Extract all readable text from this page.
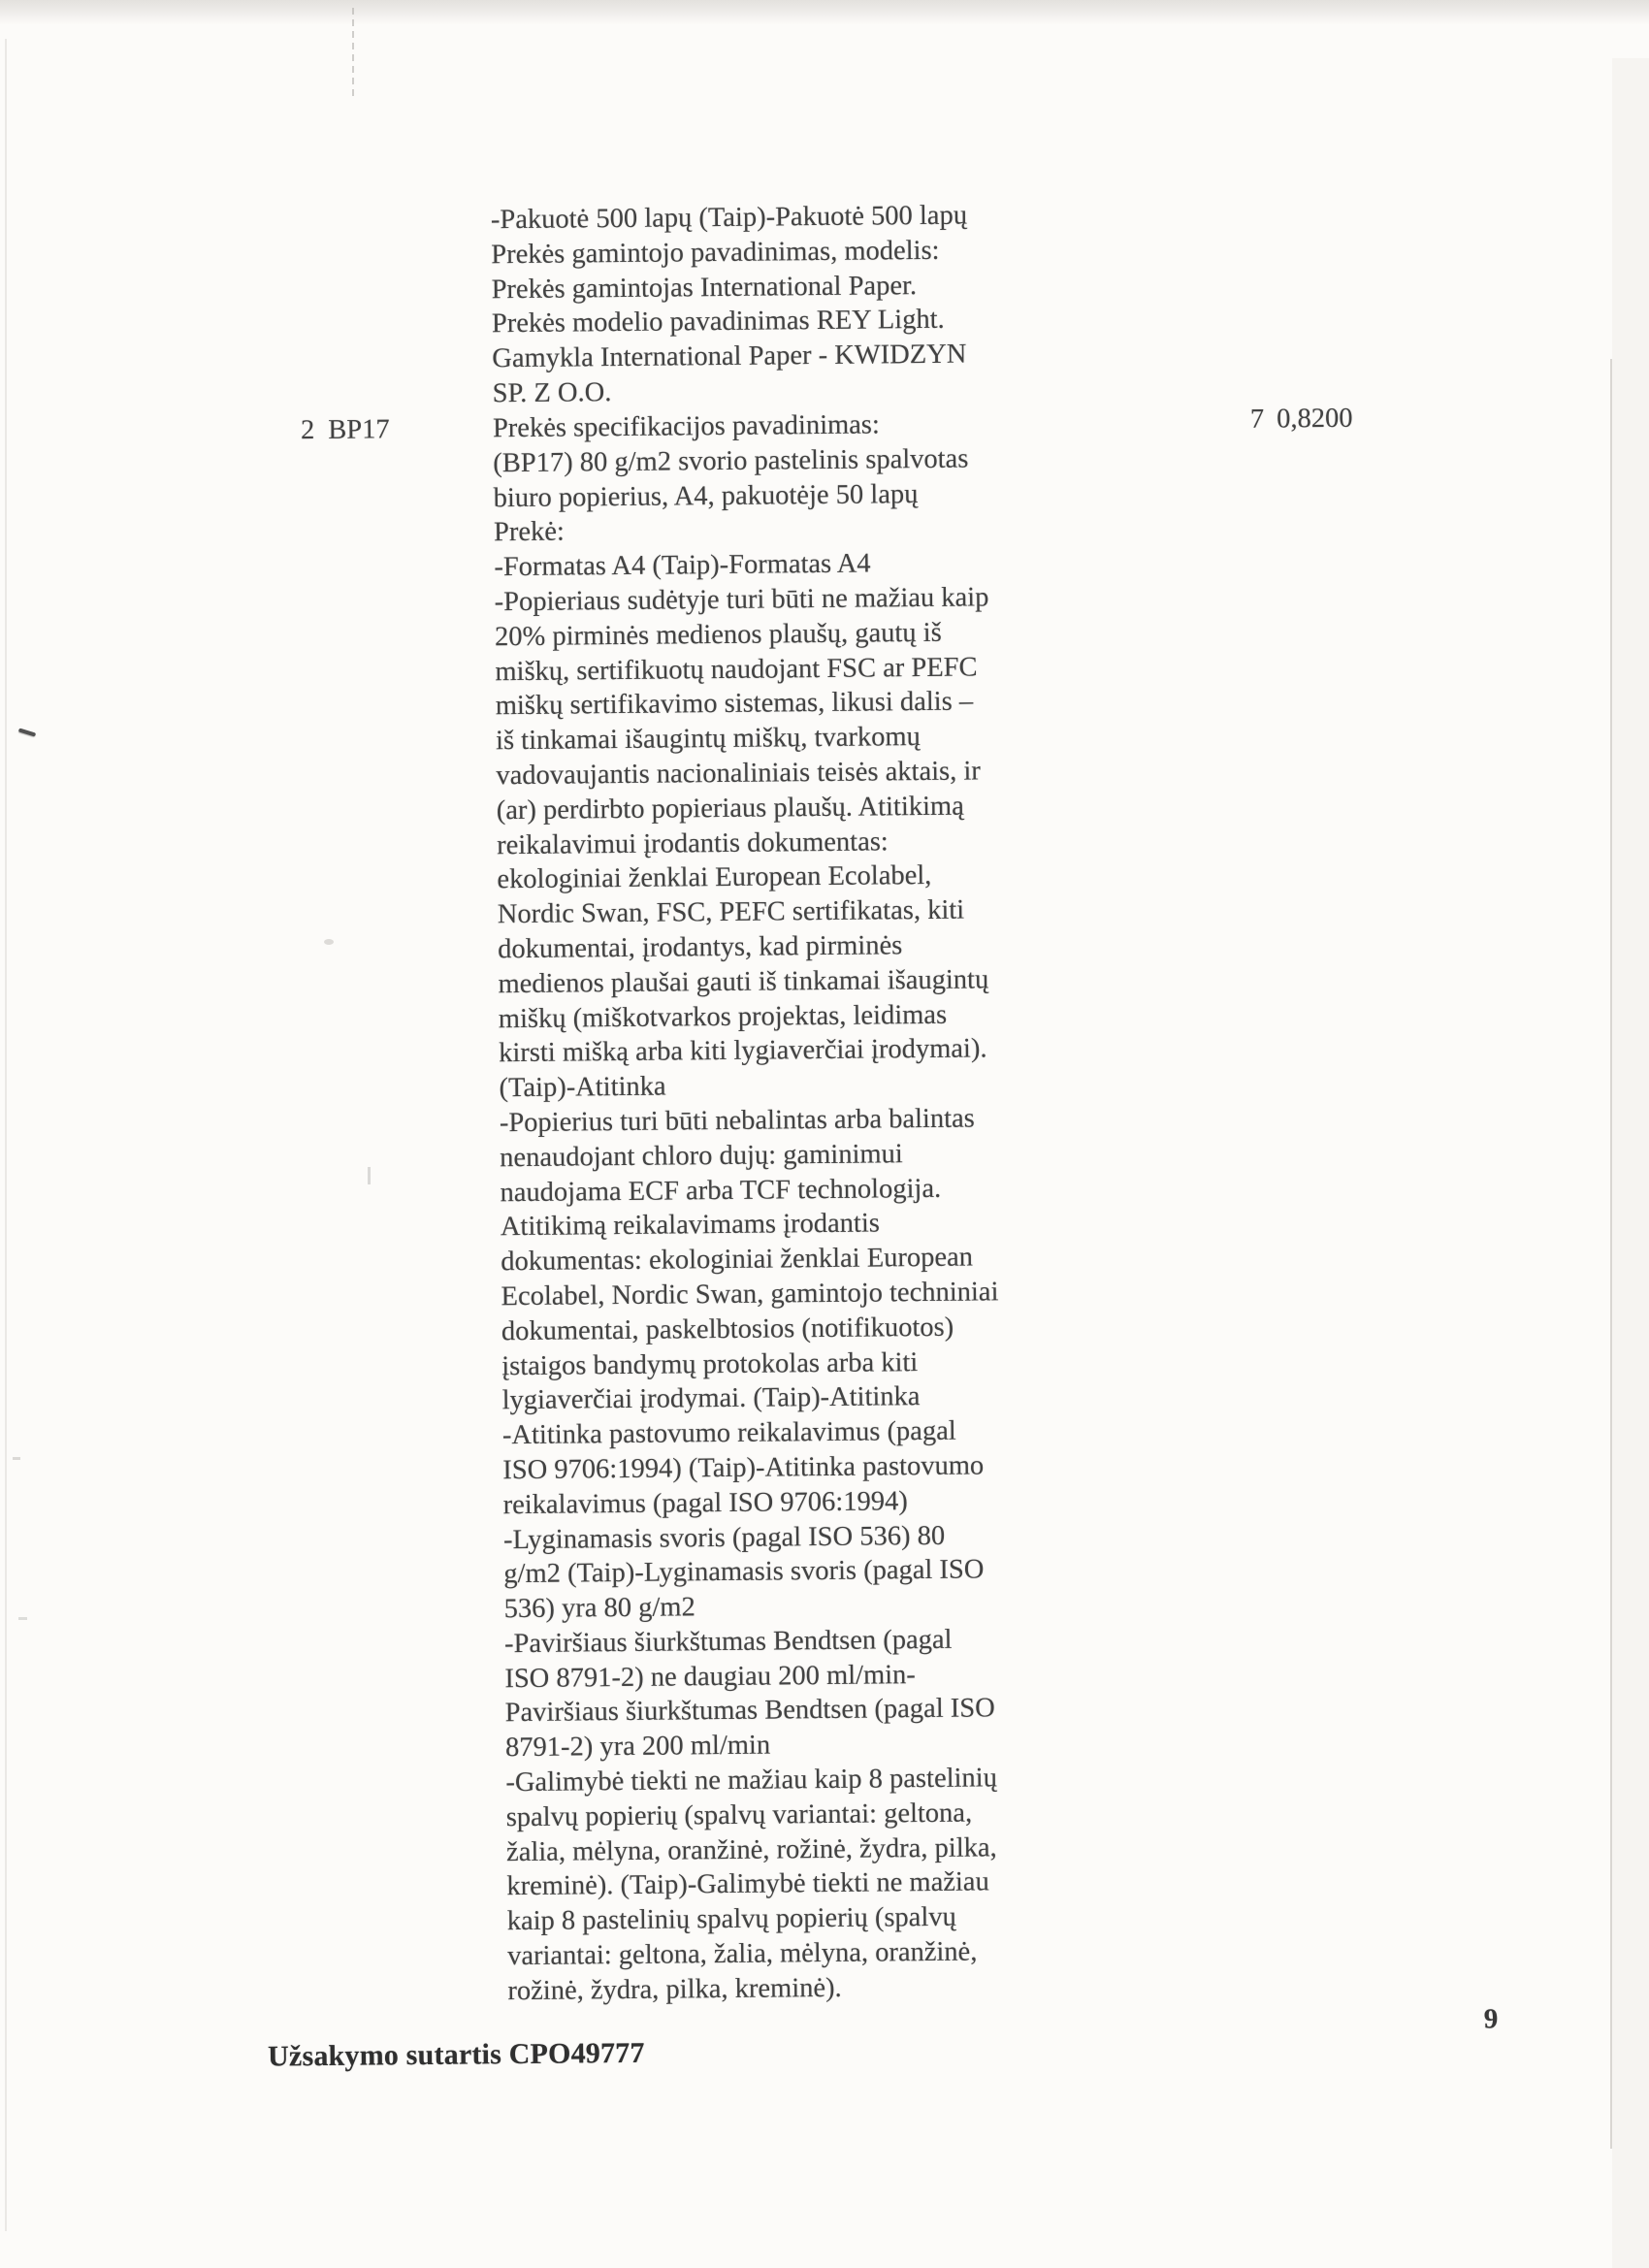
-Pakuotė 500 lapų (Taip)-Pakuotė 500 lapų
Prekės gamintojo pavadinimas, modelis:
Prekės gamintojas International Paper.
Prekės modelio pavadinimas REY Light.
Gamykla International Paper - KWIDZYN
SP. Z O.O.
2 BP17	7 0,8200
Prekės specifikacijos pavadinimas:
(BP17) 80 g/m2 svorio pastelinis spalvotas
biuro popierius, A4, pakuotėje 50 lapų
Prekė:
-Formatas A4 (Taip)-Formatas A4
-Popieriaus sudėtyje turi būti ne mažiau kaip
20% pirminės medienos plaušų, gautų iš
miškų, sertifikuotų naudojant FSC ar PEFC
miškų sertifikavimo sistemas, likusi dalis –
iš tinkamai išaugintų miškų, tvarkomų
vadovaujantis nacionaliniais teisės aktais, ir
(ar) perdirbto popieriaus plaušų. Atitikimą
reikalavimui įrodantis dokumentas:
ekologiniai ženklai European Ecolabel,
Nordic Swan, FSC, PEFC sertifikatas, kiti
dokumentai, įrodantys, kad pirminės
medienos plaušai gauti iš tinkamai išaugintų
miškų (miškotvarkos projektas, leidimas
kirsti mišką arba kiti lygiaverčiai įrodymai).
(Taip)-Atitinka
-Popierius turi būti nebalintas arba balintas
nenaudojant chloro dujų: gaminimui
naudojama ECF arba TCF technologija.
Atitikimą reikalavimams įrodantis
dokumentas: ekologiniai ženklai European
Ecolabel, Nordic Swan, gamintojo techniniai
dokumentai, paskelbtosios (notifikuotos)
įstaigos bandymų protokolas arba kiti
lygiaverčiai įrodymai. (Taip)-Atitinka
-Atitinka pastovumo reikalavimus (pagal
ISO 9706:1994) (Taip)-Atitinka pastovumo
reikalavimus (pagal ISO 9706:1994)
-Lyginamasis svoris (pagal ISO 536) 80
g/m2 (Taip)-Lyginamasis svoris (pagal ISO
536) yra 80 g/m2
-Paviršiaus šiurkštumas Bendtsen (pagal
ISO 8791-2) ne daugiau 200 ml/min-
Paviršiaus šiurkštumas Bendtsen (pagal ISO
8791-2) yra 200 ml/min
-Galimybė tiekti ne mažiau kaip 8 pastelinių
spalvų popierių (spalvų variantai: geltona,
žalia, mėlyna, oranžinė, rožinė, žydra, pilka,
kreminė). (Taip)-Galimybė tiekti ne mažiau
kaip 8 pastelinių spalvų popierių (spalvų
variantai: geltona, žalia, mėlyna, oranžinė,
rožinė, žydra, pilka, kreminė).
Užsakymo sutartis CPO49777
9
